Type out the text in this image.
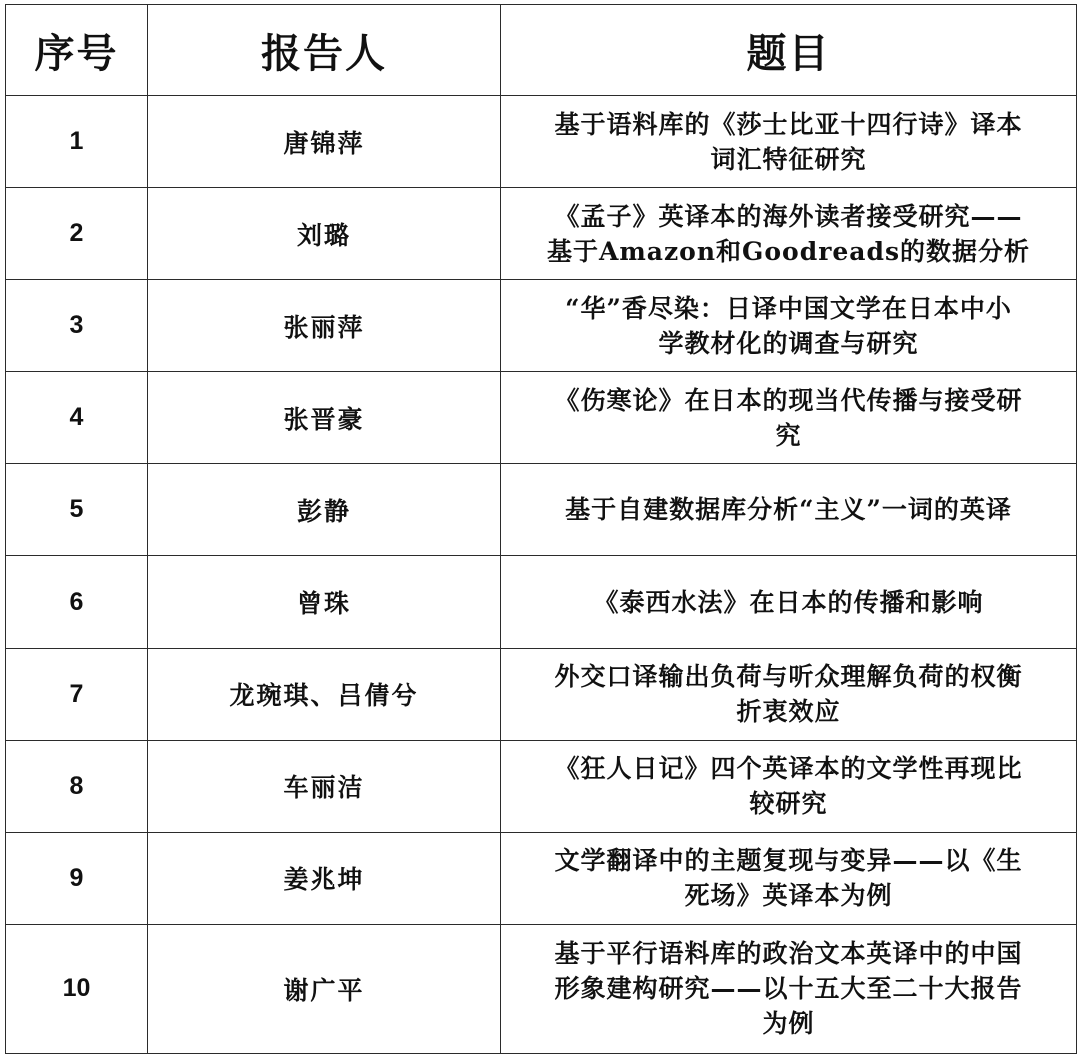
序号	报告人	题目
1	唐锦萍	基于语料库的《莎士比亚十四行诗》译本
词汇特征研究

2	刘璐	《孟子》英译本的海外读者接受研究——
基于Amazon和Goodreads的数据分析

3	张丽萍	“华”香尽染：日译中国文学在日本中小
学教材化的调查与研究

4	张晋豪	《伤寒论》在日本的现当代传播与接受研
究

5	彭静	基于自建数据库分析“主义”一词的英译

6	曾珠	《泰西水法》在日本的传播和影响

7	龙琬琪、吕倩兮	外交口译输出负荷与听众理解负荷的权衡
折衷效应

8	车丽洁	《狂人日记》四个英译本的文学性再现比
较研究

9	姜兆坤	文学翻译中的主题复现与变异——以《生
死场》英译本为例

10	谢广平	基于平行语料库的政治文本英译中的中国
形象建构研究——以十五大至二十大报告
为例
